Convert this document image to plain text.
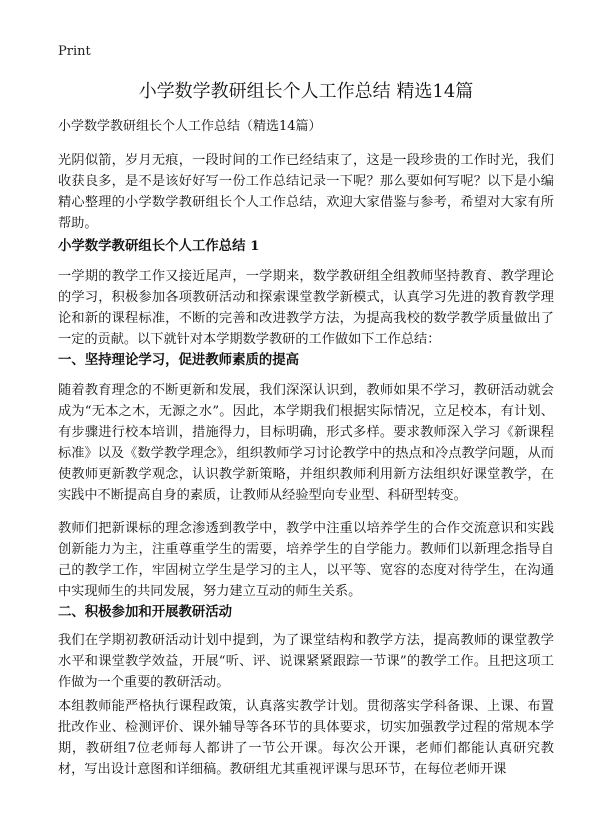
Print
小学数学教研组长个人工作总结 精选14篇
小学数学教研组长个人工作总结（精选14篇）

光阴似箭，岁月无痕，一段时间的工作已经结束了，这是一段珍贵的工作时光，我们收获良多，是不是该好好写一份工作总结记录一下呢？那么要如何写呢？以下是小编精心整理的小学数学教研组长个人工作总结，欢迎大家借鉴与参考，希望对大家有所帮助。

小学数学教研组长个人工作总结 1

一学期的教学工作又接近尾声，一学期来，数学教研组全组教师坚持教育、教学理论的学习，积极参加各项教研活动和探索课堂教学新模式，认真学习先进的教育教学理论和新的课程标准，不断的完善和改进教学方法，为提高我校的数学教学质量做出了一定的贡献。以下就针对本学期数学教研的工作做如下工作总结：

一、坚持理论学习，促进教师素质的提高

随着教育理念的不断更新和发展，我们深深认识到，教师如果不学习，教研活动就会成为“无本之木，无源之水”。因此，本学期我们根据实际情况，立足校本，有计划、有步骤进行校本培训，措施得力，目标明确，形式多样。要求教师深入学习《新课程标准》以及《数学教学理念》，组织教师学习讨论教学中的热点和冷点教学问题，从而使教师更新教学观念，认识教学新策略，并组织教师利用新方法组织好课堂教学，在实践中不断提高自身的素质，让教师从经验型向专业型、科研型转变。

教师们把新课标的理念渗透到教学中，教学中注重以培养学生的合作交流意识和实践创新能力为主，注重尊重学生的需要，培养学生的自学能力。教师们以新理念指导自己的教学工作，牢固树立学生是学习的主人，以平等、宽容的态度对待学生，在沟通中实现师生的共同发展，努力建立互动的师生关系。

二、积极参加和开展教研活动

我们在学期初教研活动计划中提到，为了课堂结构和教学方法，提高教师的课堂教学水平和课堂教学效益，开展“听、评、说课紧紧跟踪一节课”的教学工作。且把这项工作做为一个重要的教研活动。

本组教师能严格执行课程政策，认真落实教学计划。贯彻落实学科备课、上课、布置批改作业、检测评价、课外辅导等各环节的具体要求，切实加强教学过程的常规本学期，教研组7位老师每人都讲了一节公开课。每次公开课，老师们都能认真研究教材，写出设计意图和详细稿。教研组尤其重视评课与思环节，在每位老师开课
